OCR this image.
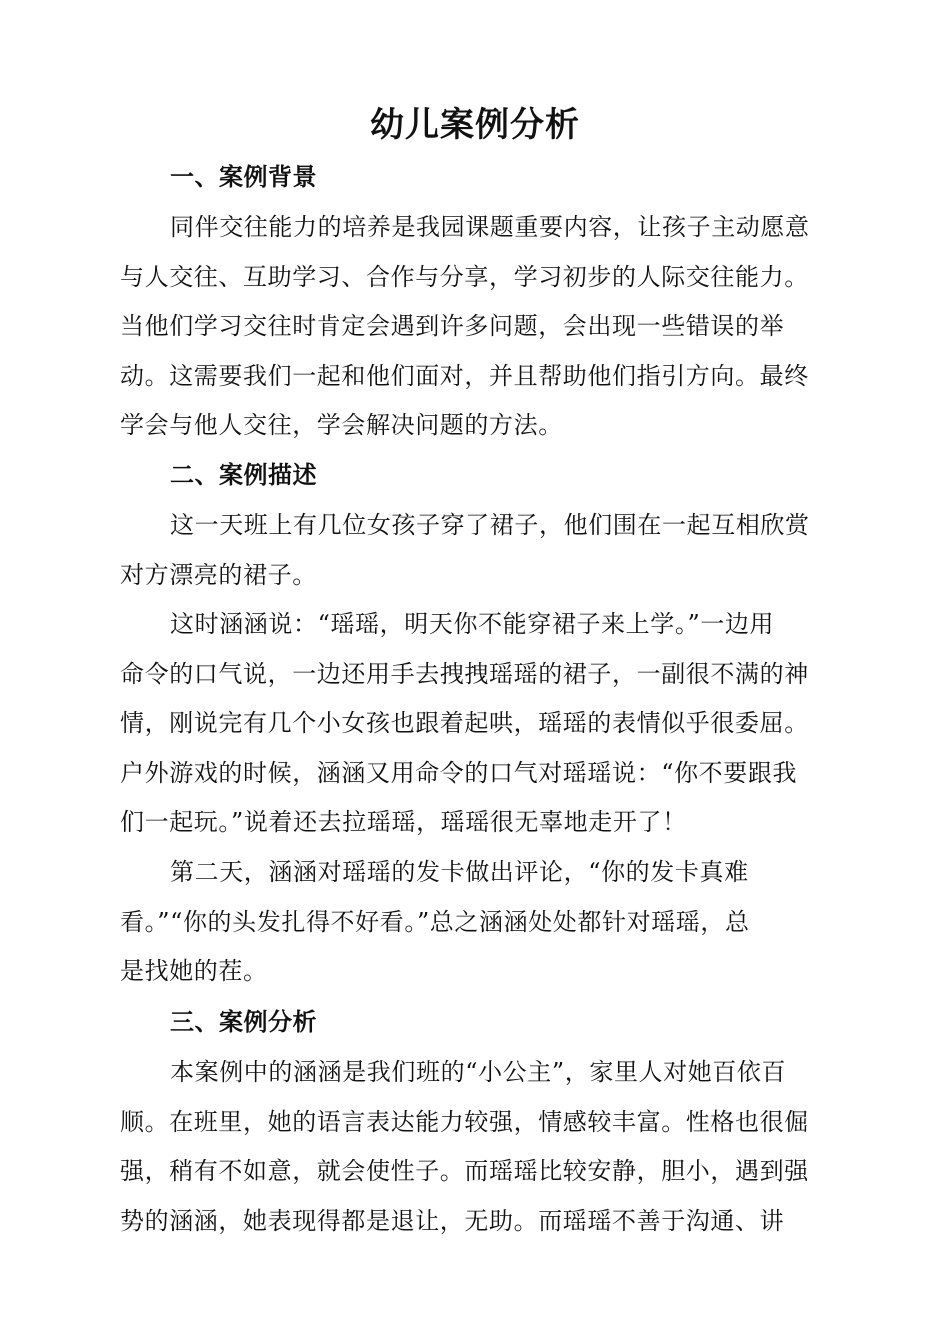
幼儿案例分析
一、案例背景
同伴交往能力的培养是我园课题重要内容，让孩子主动愿意
与人交往、互助学习、合作与分享，学习初步的人际交往能力。
当他们学习交往时肯定会遇到许多问题，会出现一些错误的举
动。这需要我们一起和他们面对，并且帮助他们指引方向。最终
学会与他人交往，学会解决问题的方法。
二、案例描述
这一天班上有几位女孩子穿了裙子，他们围在一起互相欣赏
对方漂亮的裙子。
这时涵涵说：“瑶瑶，明天你不能穿裙子来上学。”一边用
命令的口气说，一边还用手去拽拽瑶瑶的裙子，一副很不满的神
情，刚说完有几个小女孩也跟着起哄，瑶瑶的表情似乎很委屈。
户外游戏的时候，涵涵又用命令的口气对瑶瑶说：“你不要跟我
们一起玩。”说着还去拉瑶瑶，瑶瑶很无辜地走开了！
第二天，涵涵对瑶瑶的发卡做出评论，“你的发卡真难
看。”“你的头发扎得不好看。”总之涵涵处处都针对瑶瑶，总
是找她的茬。
三、案例分析
本案例中的涵涵是我们班的“小公主”，家里人对她百依百
顺。在班里，她的语言表达能力较强，情感较丰富。性格也很倔
强，稍有不如意，就会使性子。而瑶瑶比较安静，胆小，遇到强
势的涵涵，她表现得都是退让，无助。而瑶瑶不善于沟通、讲
